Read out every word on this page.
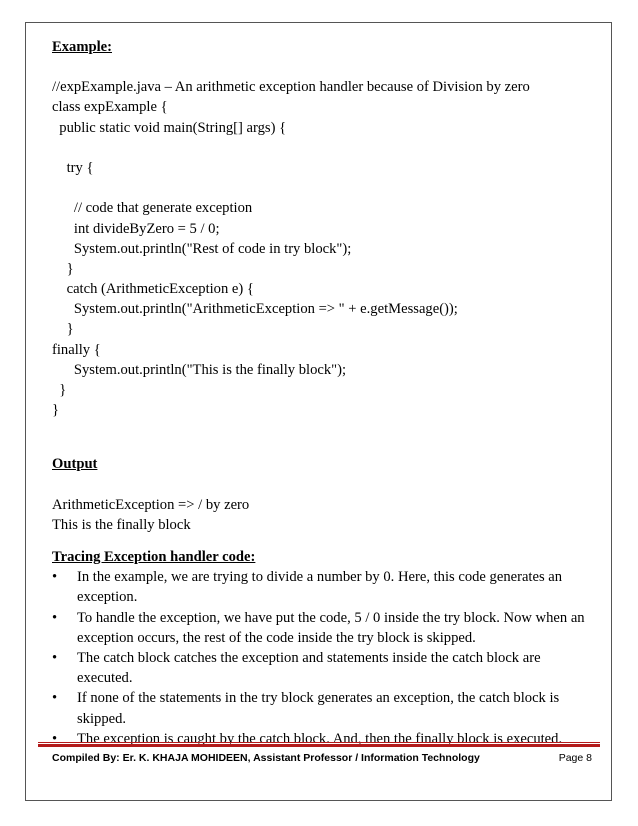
Example:
//expExample.java – An arithmetic exception handler because of Division by zero
class expExample {
public static void main(String[] args) {
try {
// code that generate exception
int divideByZero = 5 / 0;
System.out.println("Rest of code in try block");
}
catch (ArithmeticException e) {
System.out.println("ArithmeticException => " + e.getMessage());
}
finally {
System.out.println("This is the finally block");
}
}
Output
ArithmeticException => / by zero
This is the finally block
Tracing Exception handler code:
•	In the example, we are trying to divide a number by 0. Here, this code generates an exception.
•	To handle the exception, we have put the code, 5 / 0 inside the try block. Now when an exception occurs, the rest of the code inside the try block is skipped.
•	The catch block catches the exception and statements inside the catch block are executed.
•	If none of the statements in the try block generates an exception, the catch block is skipped.
•	The exception is caught by the catch block. And, then the finally block is executed.
Compiled By: Er. K. KHAJA MOHIDEEN, Assistant Professor / Information Technology	Page 8
